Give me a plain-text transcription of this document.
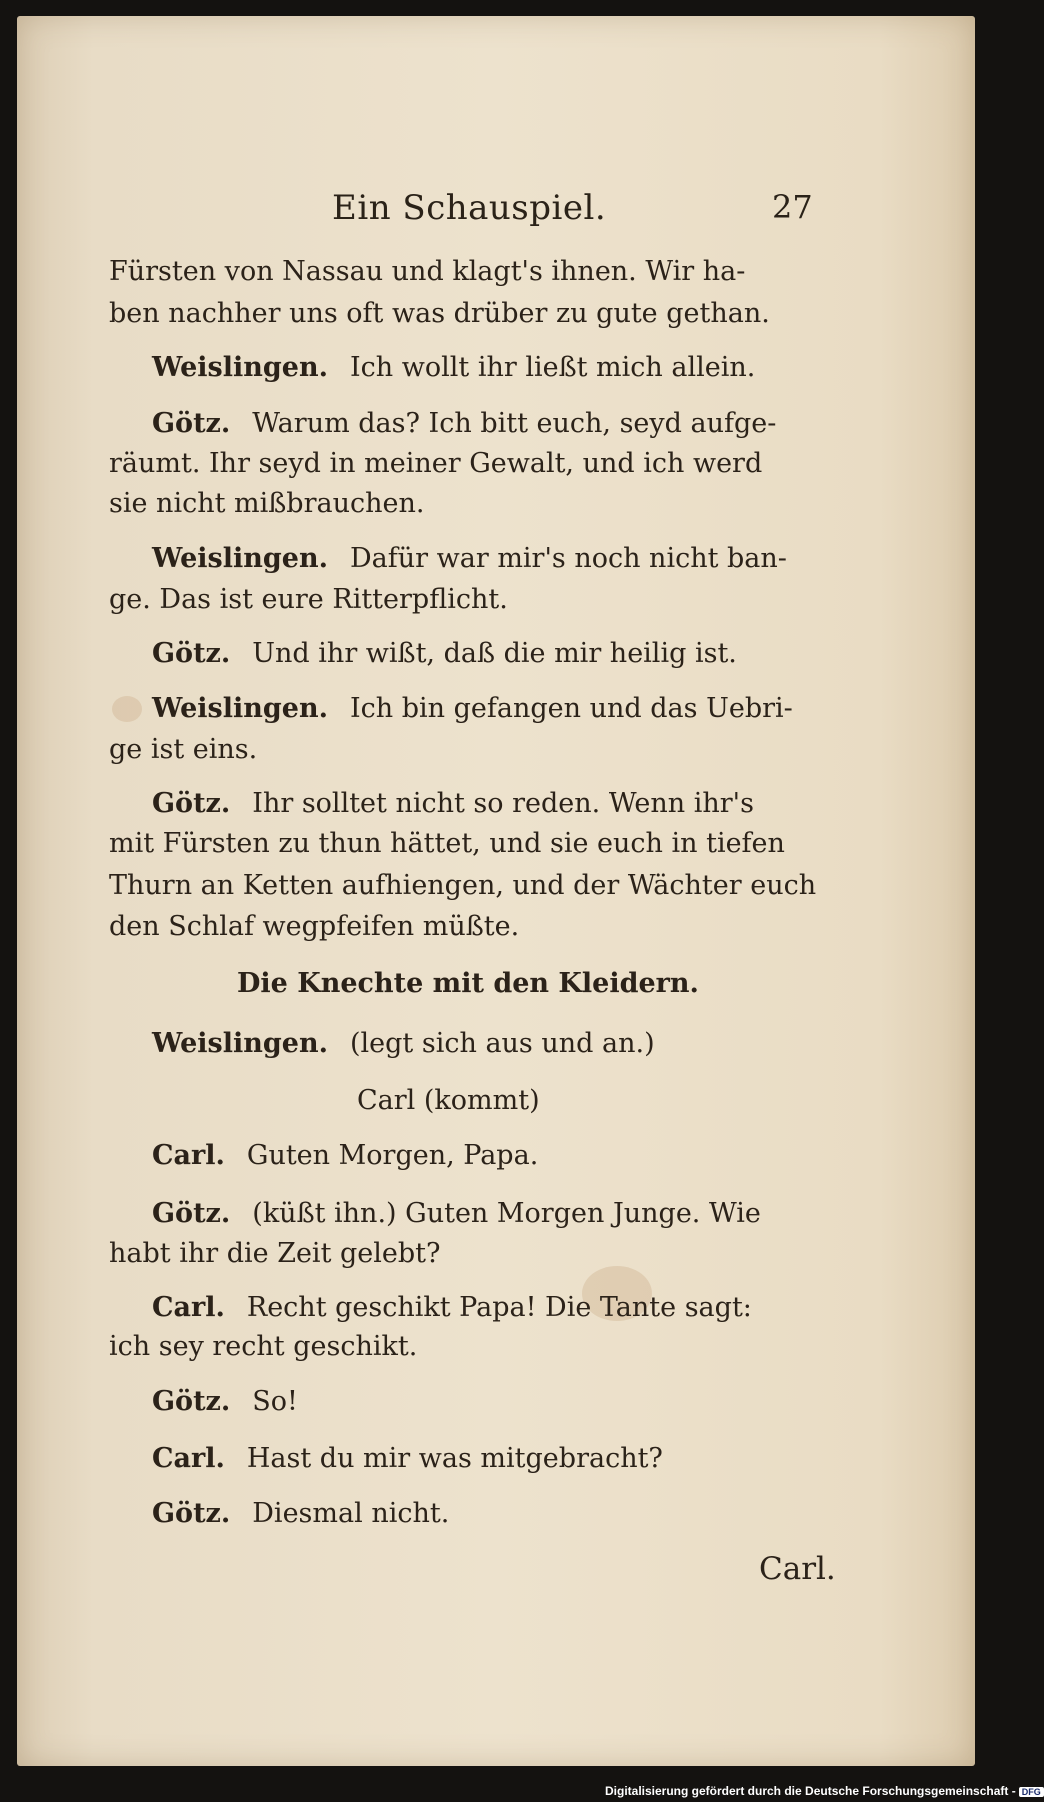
Ein Schauspiel.	27
Fürsten von Nassau und klagt's ihnen. Wir ha-
ben nachher uns oft was drüber zu gute gethan.
Weislingen. Ich wollt ihr ließt mich allein.
Götz. Warum das? Ich bitt euch, seyd aufge-
räumt. Ihr seyd in meiner Gewalt, und ich werd
sie nicht mißbrauchen.
Weislingen. Dafür war mir's noch nicht ban-
ge. Das ist eure Ritterpflicht.
Götz. Und ihr wißt, daß die mir heilig ist.
Weislingen. Ich bin gefangen und das Uebri-
ge ist eins.
Götz. Ihr solltet nicht so reden. Wenn ihr's
mit Fürsten zu thun hättet, und sie euch in tiefen
Thurn an Ketten aufhiengen, und der Wächter euch
den Schlaf wegpfeifen müßte.
Die Knechte mit den Kleidern.
Weislingen. (legt sich aus und an.)
Carl (kommt)
Carl. Guten Morgen, Papa.
Götz. (küßt ihn.) Guten Morgen Junge. Wie
habt ihr die Zeit gelebt?
Carl. Recht geschikt Papa! Die Tante sagt:
ich sey recht geschikt.
Götz. So!
Carl. Hast du mir was mitgebracht?
Götz. Diesmal nicht.
Carl.
Digitalisierung gefördert durch die Deutsche Forschungsgemeinschaft - DFG
